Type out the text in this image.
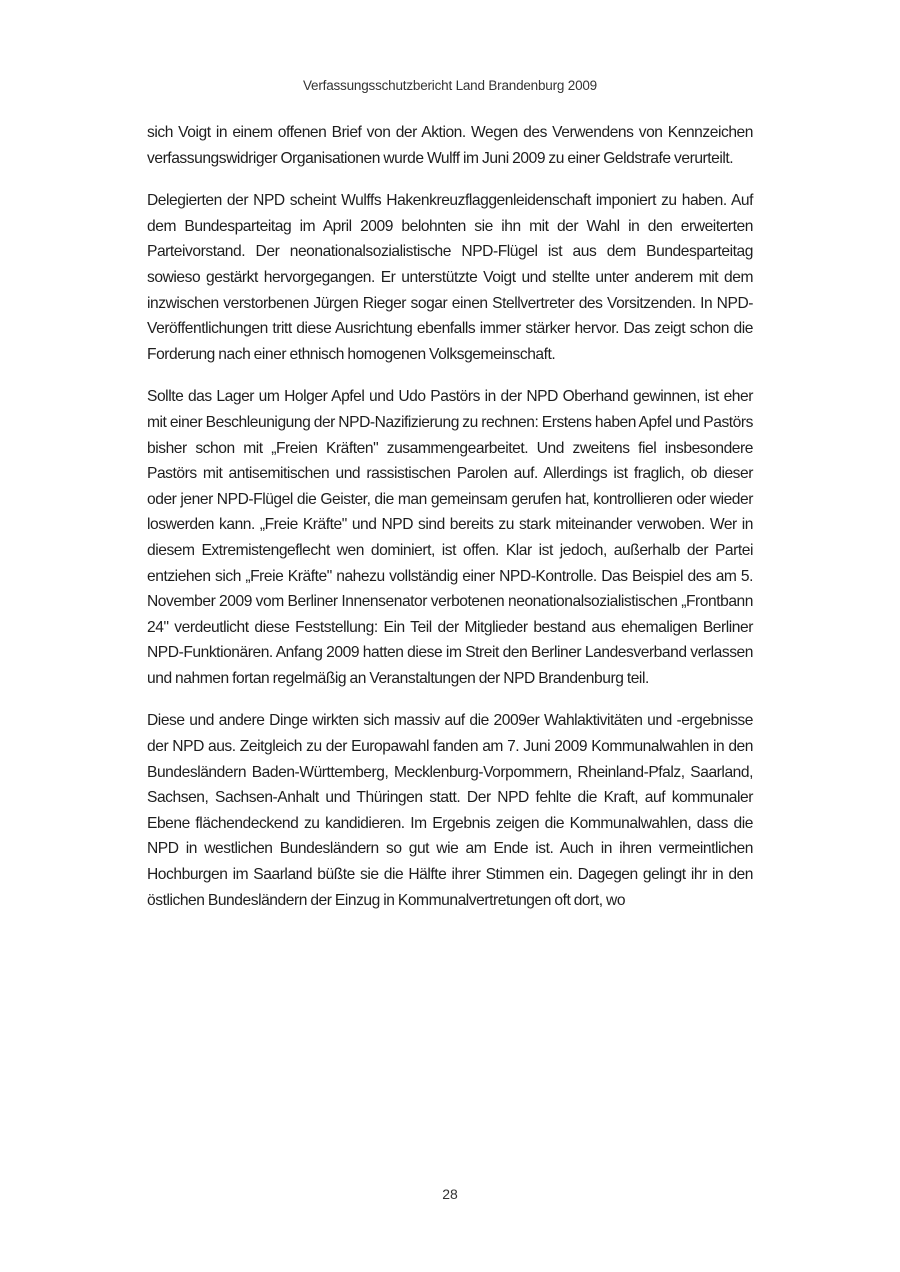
Verfassungsschutzbericht Land Brandenburg 2009

sich Voigt in einem offenen Brief von der Aktion. Wegen des Verwendens von Kennzeichen verfassungswidriger Organisationen wurde Wulff im Juni 2009 zu einer Geldstrafe verurteilt.

Delegierten der NPD scheint Wulffs Hakenkreuzflaggenleidenschaft imponiert zu haben. Auf dem Bundesparteitag im April 2009 belohnten sie ihn mit der Wahl in den erweiterten Parteivorstand. Der neonationalsozialistische NPD-Flügel ist aus dem Bundesparteitag sowieso gestärkt hervorgegangen. Er unterstützte Voigt und stellte unter anderem mit dem inzwischen verstorbenen Jürgen Rieger sogar einen Stellvertreter des Vorsitzenden. In NPD-Veröffentlichungen tritt diese Ausrichtung ebenfalls immer stärker hervor. Das zeigt schon die Forderung nach einer ethnisch homogenen Volksgemeinschaft.

Sollte das Lager um Holger Apfel und Udo Pastörs in der NPD Oberhand gewinnen, ist eher mit einer Beschleunigung der NPD-Nazifizierung zu rechnen: Erstens haben Apfel und Pastörs bisher schon mit „Freien Kräften" zusammengearbeitet. Und zweitens fiel insbesondere Pastörs mit antisemitischen und rassistischen Parolen auf. Allerdings ist fraglich, ob dieser oder jener NPD-Flügel die Geister, die man gemeinsam gerufen hat, kontrollieren oder wieder loswerden kann. „Freie Kräfte" und NPD sind bereits zu stark miteinander verwoben. Wer in diesem Extremistengeflecht wen dominiert, ist offen. Klar ist jedoch, außerhalb der Partei entziehen sich „Freie Kräfte" nahezu vollständig einer NPD-Kontrolle. Das Beispiel des am 5. November 2009 vom Berliner Innensenator verbotenen neonationalsozialistischen „Frontbann 24" verdeutlicht diese Feststellung: Ein Teil der Mitglieder bestand aus ehemaligen Berliner NPD-Funktionären. Anfang 2009 hatten diese im Streit den Berliner Landesverband verlassen und nahmen fortan regelmäßig an Veranstaltungen der NPD Brandenburg teil.

Diese und andere Dinge wirkten sich massiv auf die 2009er Wahlaktivitäten und -ergebnisse der NPD aus. Zeitgleich zu der Europawahl fanden am 7. Juni 2009 Kommunalwahlen in den Bundesländern Baden-Württemberg, Mecklenburg-Vorpommern, Rheinland-Pfalz, Saarland, Sachsen, Sachsen-Anhalt und Thüringen statt. Der NPD fehlte die Kraft, auf kommunaler Ebene flächendeckend zu kandidieren. Im Ergebnis zeigen die Kommunalwahlen, dass die NPD in westlichen Bundesländern so gut wie am Ende ist. Auch in ihren vermeintlichen Hochburgen im Saarland büßte sie die Hälfte ihrer Stimmen ein. Dagegen gelingt ihr in den östlichen Bundesländern der Einzug in Kommunalvertretungen oft dort, wo

28
